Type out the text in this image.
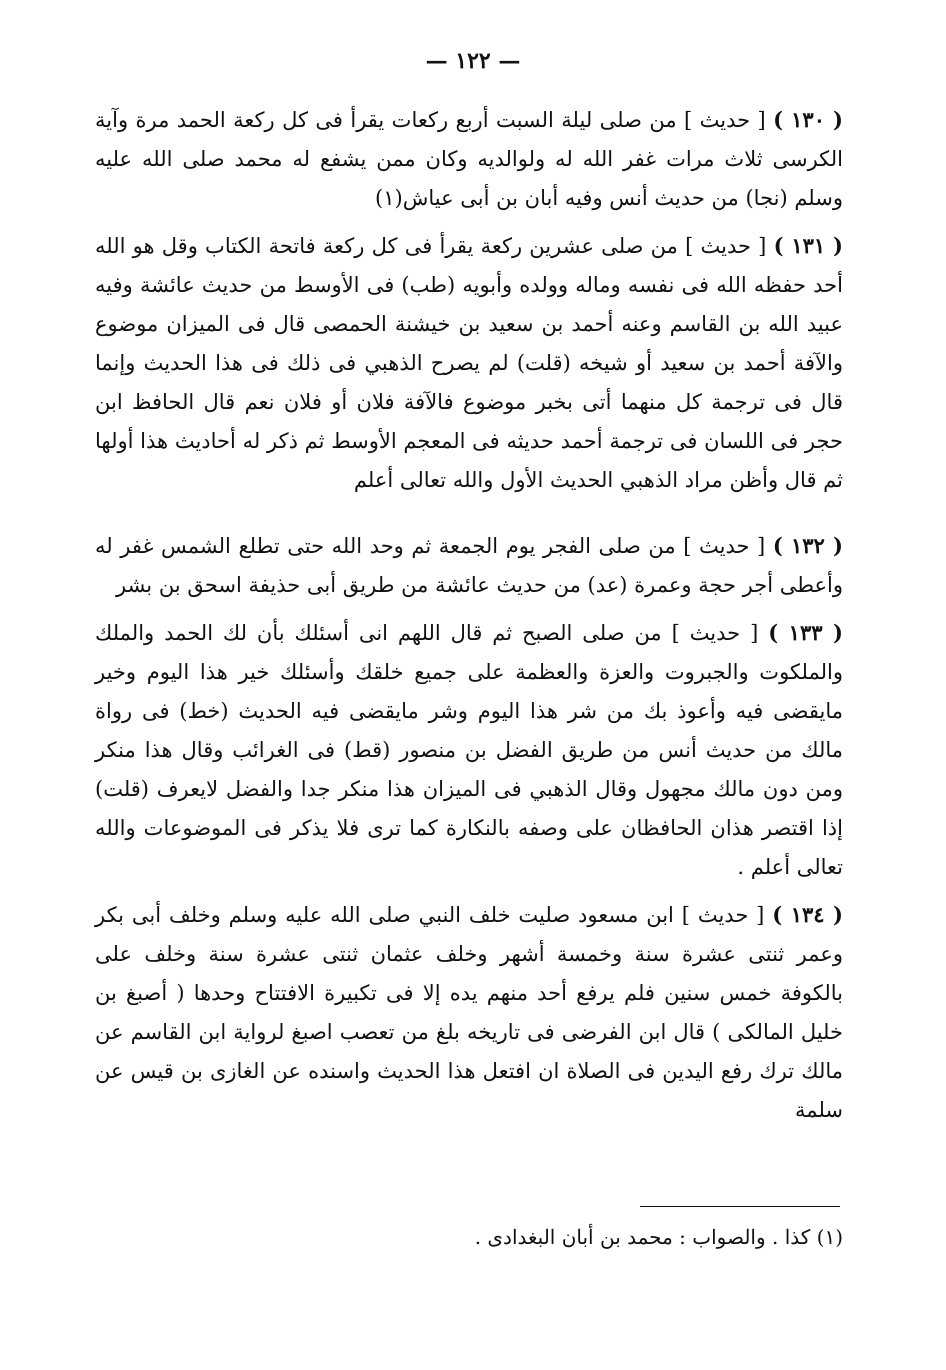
— ١٢٢ —

( ١٣٠ ) [ حديث ] من صلى ليلة السبت أربع ركعات يقرأ فى كل ركعة الحمد مرة وآية الكرسى ثلاث مرات غفر الله له ولوالديه وكان ممن يشفع له محمد صلى الله عليه وسلم (نجا) من حديث أنس وفيه أبان بن أبى عياش(١)

( ١٣١ ) [ حديث ] من صلى عشرين ركعة يقرأ فى كل ركعة فاتحة الكتاب وقل هو الله أحد حفظه الله فى نفسه وماله وولده وأبويه (طب) فى الأوسط من حديث عائشة وفيه عبيد الله بن القاسم وعنه أحمد بن سعيد بن خيشنة الحمصى قال فى الميزان موضوع والآفة أحمد بن سعيد أو شيخه (قلت) لم يصرح الذهبي فى ذلك فى هذا الحديث وإنما قال فى ترجمة كل منهما أتى بخبر موضوع فالآفة فلان أو فلان نعم قال الحافظ ابن حجر فى اللسان فى ترجمة أحمد حديثه فى المعجم الأوسط ثم ذكر له أحاديث هذا أولها ثم قال وأظن مراد الذهبي الحديث الأول والله تعالى أعلم

( ١٣٢ ) [ حديث ] من صلى الفجر يوم الجمعة ثم وحد الله حتى تطلع الشمس غفر له وأعطى أجر حجة وعمرة (عد) من حديث عائشة من طريق أبى حذيفة اسحق بن بشر

( ١٣٣ ) [ حديث ] من صلى الصبح ثم قال اللهم انى أسئلك بأن لك الحمد والملك والملكوت والجبروت والعزة والعظمة على جميع خلقك وأسئلك خير هذا اليوم وخير مايقضى فيه وأعوذ بك من شر هذا اليوم وشر مايقضى فيه الحديث (خط) فى رواة مالك من حديث أنس من طريق الفضل بن منصور (قط) فى الغرائب وقال هذا منكر ومن دون مالك مجهول وقال الذهبي فى الميزان هذا منكر جدا والفضل لايعرف (قلت) إذا اقتصر هذان الحافظان على وصفه بالنكارة كما ترى فلا يذكر فى الموضوعات والله تعالى أعلم .

( ١٣٤ ) [ حديث ] ابن مسعود صليت خلف النبي صلى الله عليه وسلم وخلف أبى بكر وعمر ثنتى عشرة سنة وخمسة أشهر وخلف عثمان ثنتى عشرة سنة وخلف على بالكوفة خمس سنين فلم يرفع أحد منهم يده إلا فى تكبيرة الافتتاح وحدها ( أصبغ بن خليل المالكى ) قال ابن الفرضى فى تاريخه بلغ من تعصب اصبغ لرواية ابن القاسم عن مالك ترك رفع اليدين فى الصلاة ان افتعل هذا الحديث واسنده عن الغازى بن قيس عن سلمة

(١) كذا . والصواب : محمد بن أبان البغدادى .
